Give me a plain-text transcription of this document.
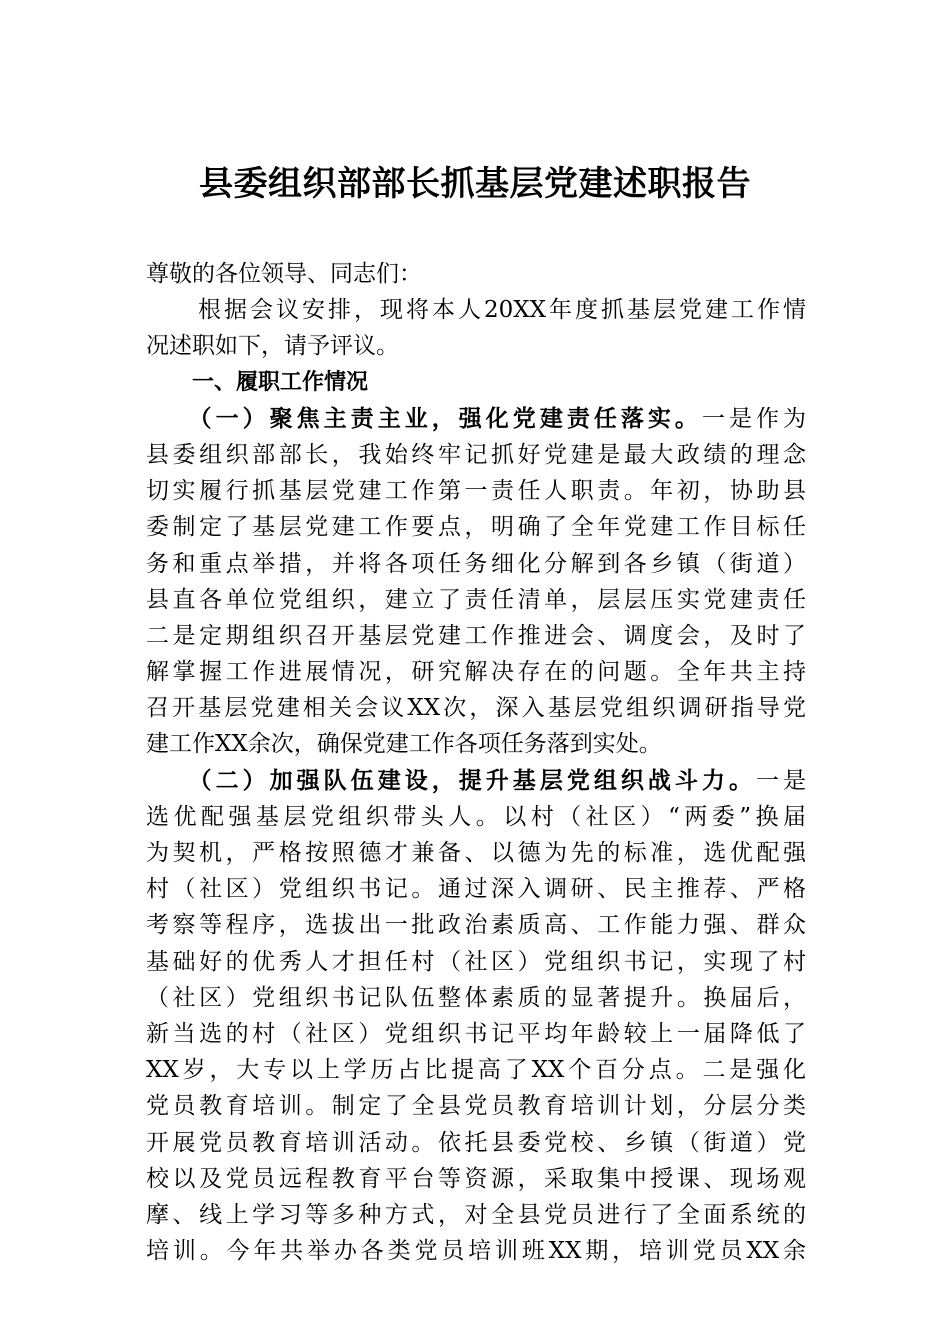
县委组织部部长抓基层党建述职报告
尊敬的各位领导、同志们：
　　根据会议安排，现将本人20XX年度抓基层党建工作情
况述职如下，请予评议。
一、履职工作情况
　　（一）聚焦主责主业，强化党建责任落实。一是作为
县委组织部部长，我始终牢记抓好党建是最大政绩的理念
切实履行抓基层党建工作第一责任人职责。年初，协助县
委制定了基层党建工作要点，明确了全年党建工作目标任
务和重点举措，并将各项任务细化分解到各乡镇（街道）
县直各单位党组织，建立了责任清单，层层压实党建责任
二是定期组织召开基层党建工作推进会、调度会，及时了
解掌握工作进展情况，研究解决存在的问题。全年共主持
召开基层党建相关会议XX次，深入基层党组织调研指导党
建工作XX余次，确保党建工作各项任务落到实处。
　　（二）加强队伍建设，提升基层党组织战斗力。一是
选优配强基层党组织带头人。以村（社区）“两委”换届
为契机，严格按照德才兼备、以德为先的标准，选优配强
村（社区）党组织书记。通过深入调研、民主推荐、严格
考察等程序，选拔出一批政治素质高、工作能力强、群众
基础好的优秀人才担任村（社区）党组织书记，实现了村
（社区）党组织书记队伍整体素质的显著提升。换届后，
新当选的村（社区）党组织书记平均年龄较上一届降低了
XX岁，大专以上学历占比提高了XX个百分点。二是强化
党员教育培训。制定了全县党员教育培训计划，分层分类
开展党员教育培训活动。依托县委党校、乡镇（街道）党
校以及党员远程教育平台等资源，采取集中授课、现场观
摩、线上学习等多种方式，对全县党员进行了全面系统的
培训。今年共举办各类党员培训班XX期，培训党员XX余
